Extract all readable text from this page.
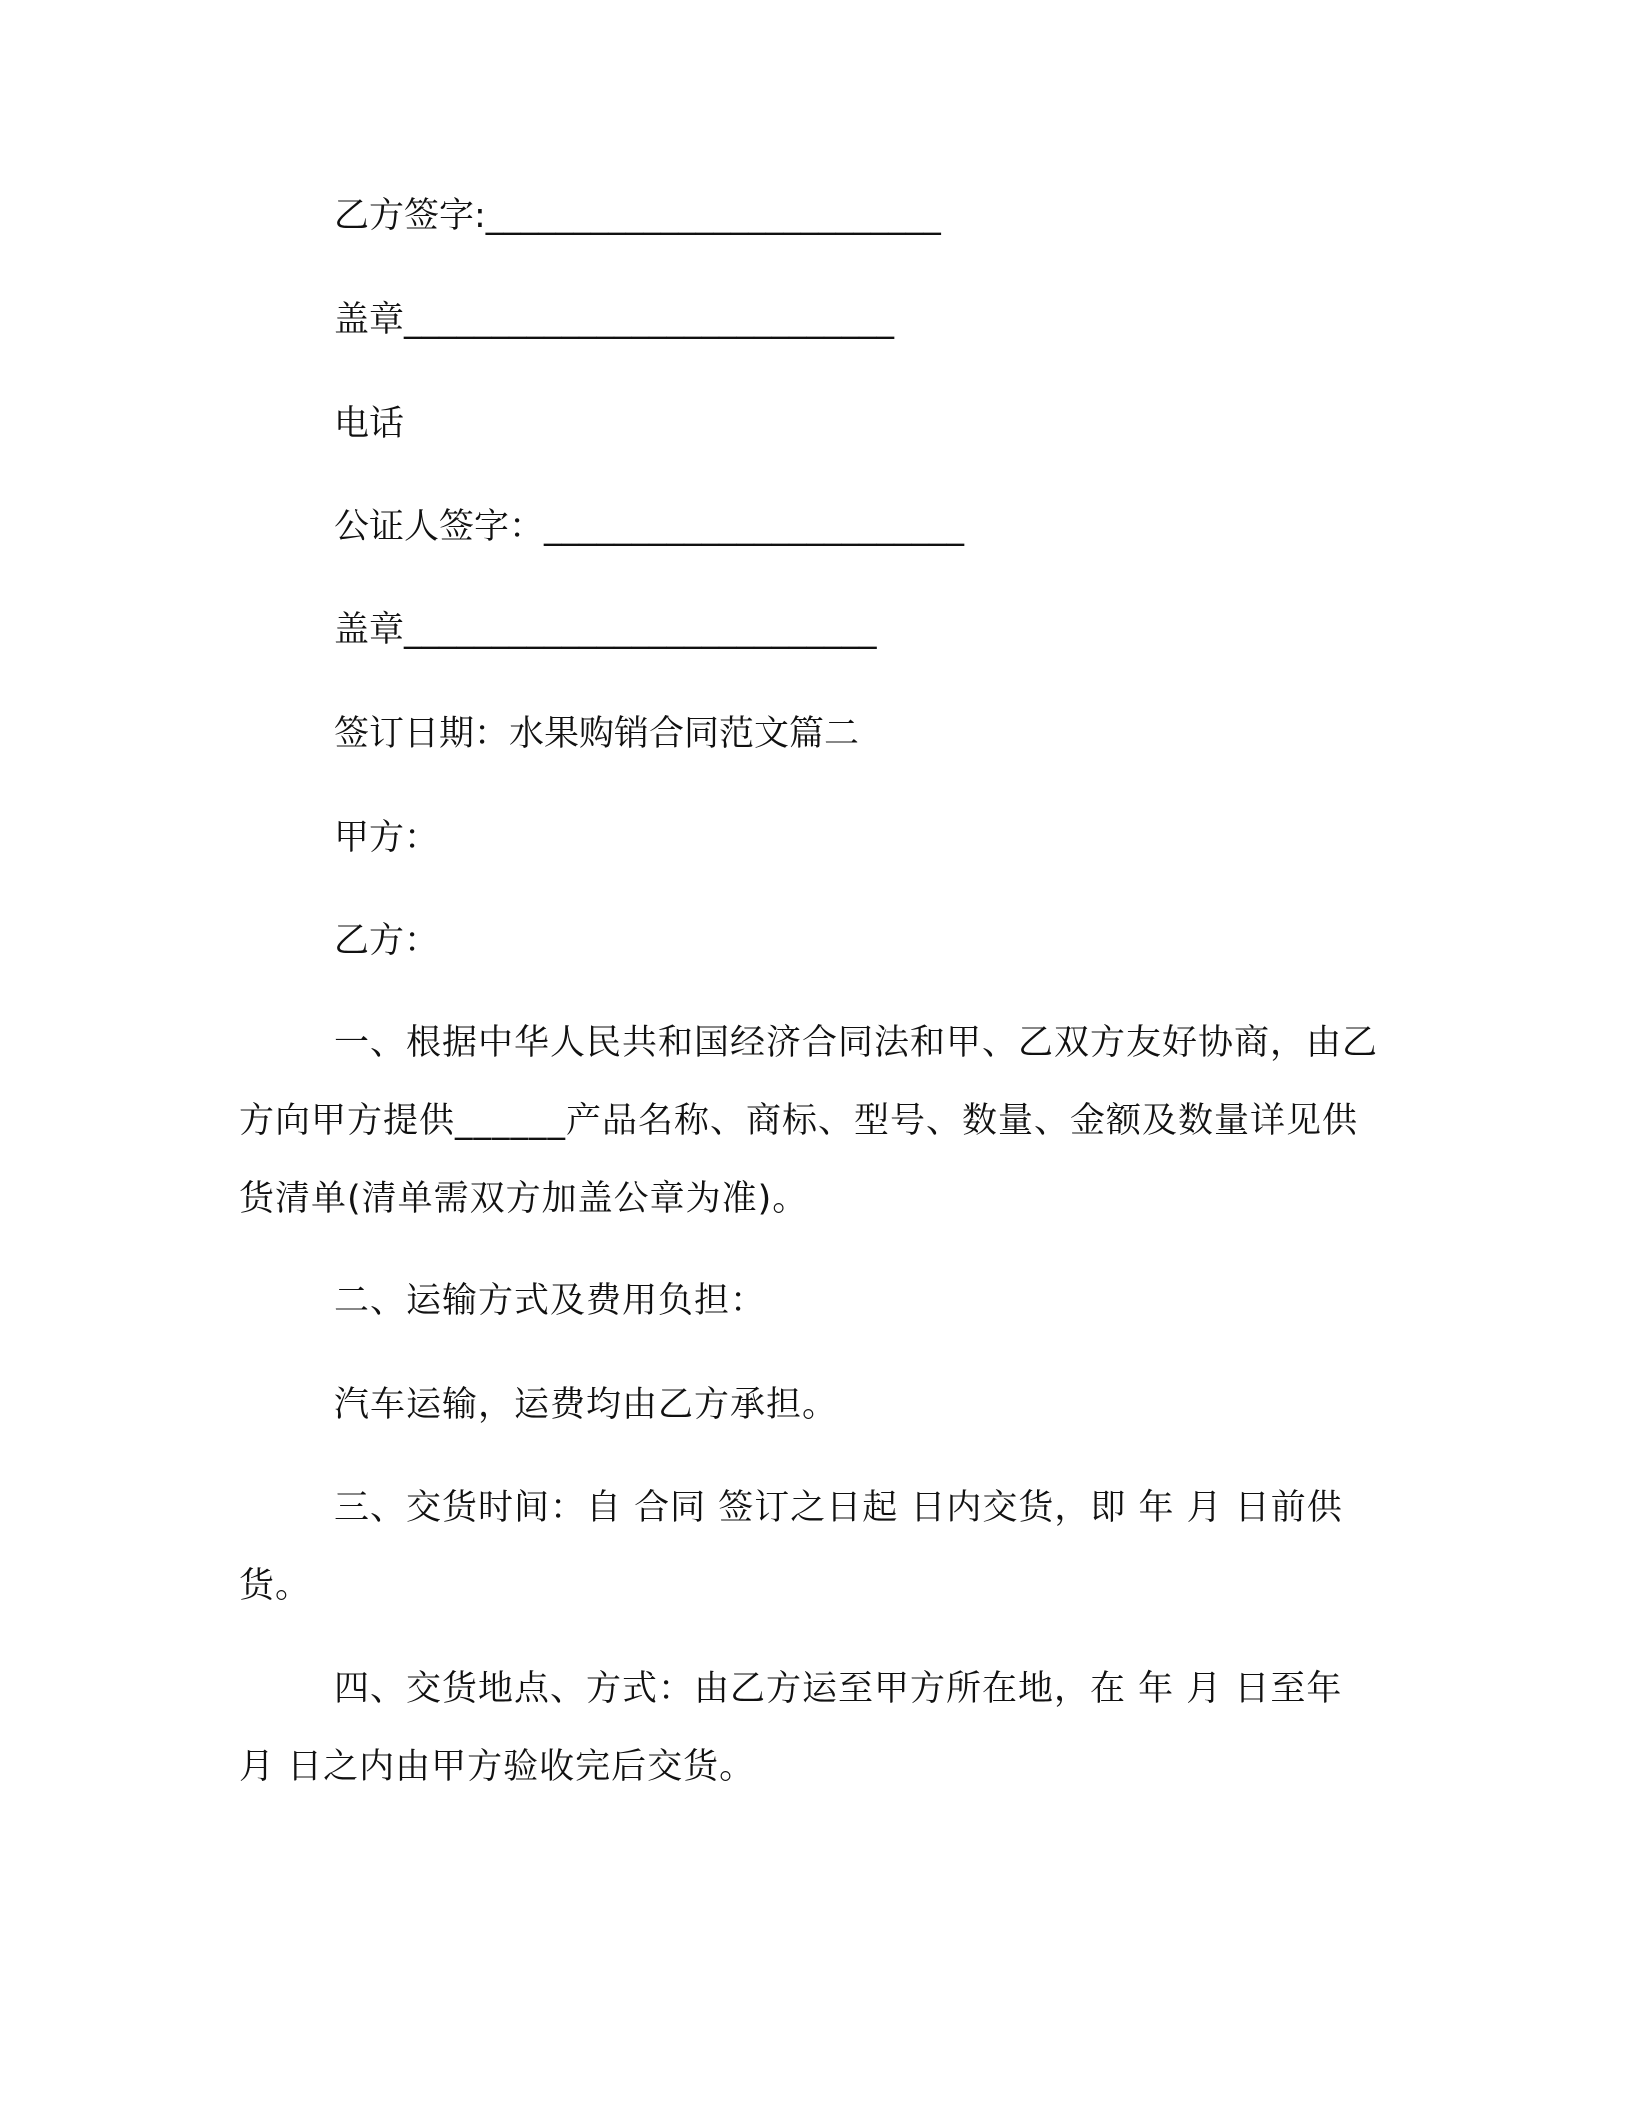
乙方签字:__________________________
盖章____________________________
电话
公证人签字：________________________
盖章___________________________
签订日期：水果购销合同范文篇二
甲方：
乙方：
一、根据中华人民共和国经济合同法和甲、乙双方友好协商，由乙方向甲方提供______产品名称、商标、型号、数量、金额及数量详见供货清单(清单需双方加盖公章为准)。
二、运输方式及费用负担：
汽车运输，运费均由乙方承担。
三、交货时间：自 合同 签订之日起 日内交货，即 年 月 日前供货。
四、交货地点、方式：由乙方运至甲方所在地，在 年 月 日至年 月 日之内由甲方验收完后交货。
